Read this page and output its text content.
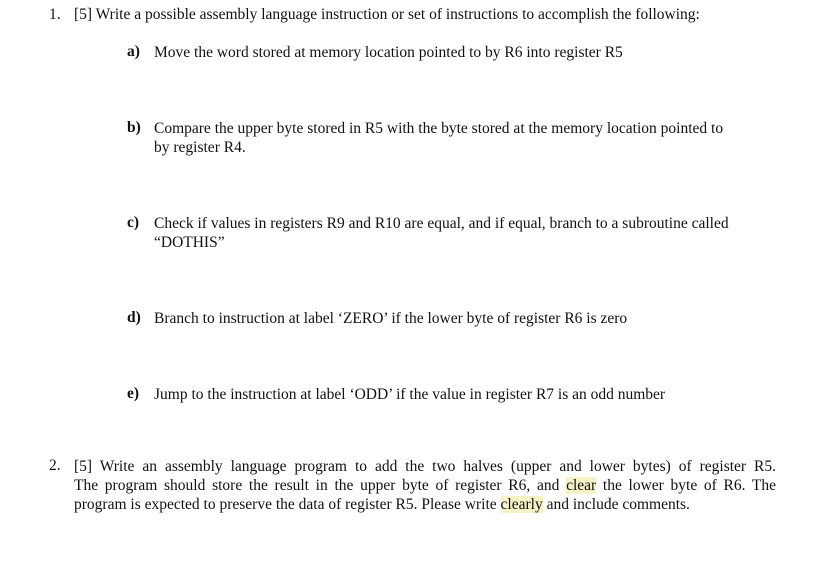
1. [5] Write a possible assembly language instruction or set of instructions to accomplish the following:
a) Move the word stored at memory location pointed to by R6 into register R5
b) Compare the upper byte stored in R5 with the byte stored at the memory location pointed to
by register R4.
c) Check if values in registers R9 and R10 are equal, and if equal, branch to a subroutine called
“DOTHIS”
d) Branch to instruction at label ‘ZERO’ if the lower byte of register R6 is zero
e) Jump to the instruction at label ‘ODD’ if the value in register R7 is an odd number
2. [5] Write an assembly language program to add the two halves (upper and lower bytes) of register R5.
The program should store the result in the upper byte of register R6, and clear the lower byte of R6. The
program is expected to preserve the data of register R5. Please write clearly and include comments.
